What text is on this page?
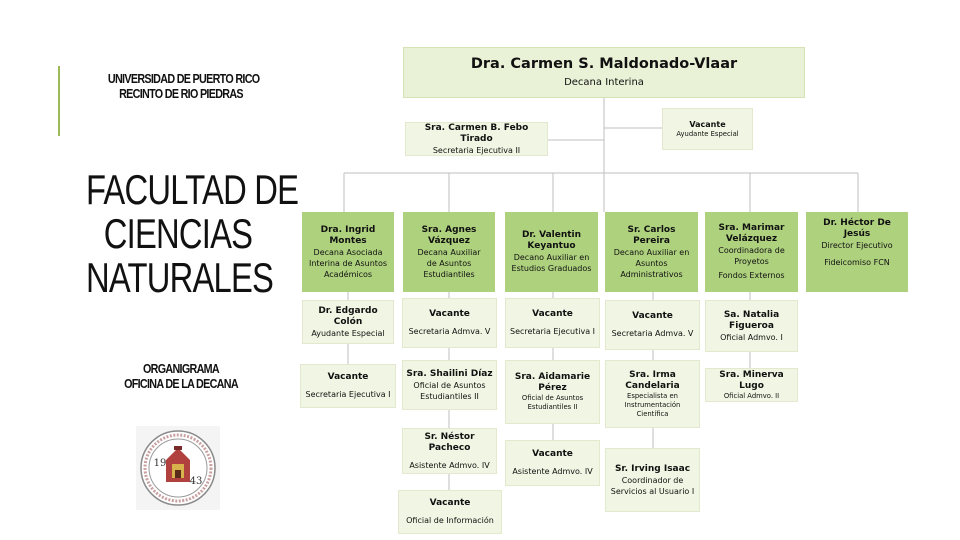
UNIVERSIDAD DE PUERTO RICO
RECINTO DE RIO PIEDRAS
FACULTAD DE
CIENCIAS
NATURALES
ORGANIGRAMA
OFICINA DE LA DECANA
19
43
Dra. Carmen S. Maldonado-Vlaar
Decana Interina
Sra. Carmen B. Febo Tirado
Secretaria Ejecutiva II
Vacante
Ayudante Especial
Dra. Ingrid Montes
Decana Asociada Interina de Asuntos Académicos
Sra. Agnes Vázquez
Decana Auxiliar
de Asuntos Estudiantiles
Dr. Valentin Keyantuo
Decano Auxiliar en Estudios Graduados
Sr. Carlos Pereira
Decano Auxiliar en Asuntos Administrativos
Sra. Marimar Velázquez
Coordinadora de Proyetos
Fondos Externos
Dr. Héctor De Jesús
Director Ejecutivo
Fideicomiso FCN
Dr. Edgardo Colón
Ayudante Especial
Vacante
Secretaria Ejecutiva I
Vacante
Secretaria Admva. V
Sra. Shailini Díaz
Oficial de Asuntos Estudiantiles II
Sr. Néstor Pacheco
Asistente Admvo. IV
Vacante
Oficial de Información
Vacante
Secretaria Ejecutiva I
Sra. Aidamarie Pérez
Oficial de Asuntos Estudiantiles II
Vacante
Asistente Admvo. IV
Vacante
Secretaria Admva. V
Sra. Irma Candelaria
Especialista en Instrumentación Científica
Sr. Irving Isaac
Coordinador de Servicios al Usuario I
Sa. Natalia Figueroa
Oficial Admvo. I
Sra. Minerva Lugo
Oficial Admvo. II
